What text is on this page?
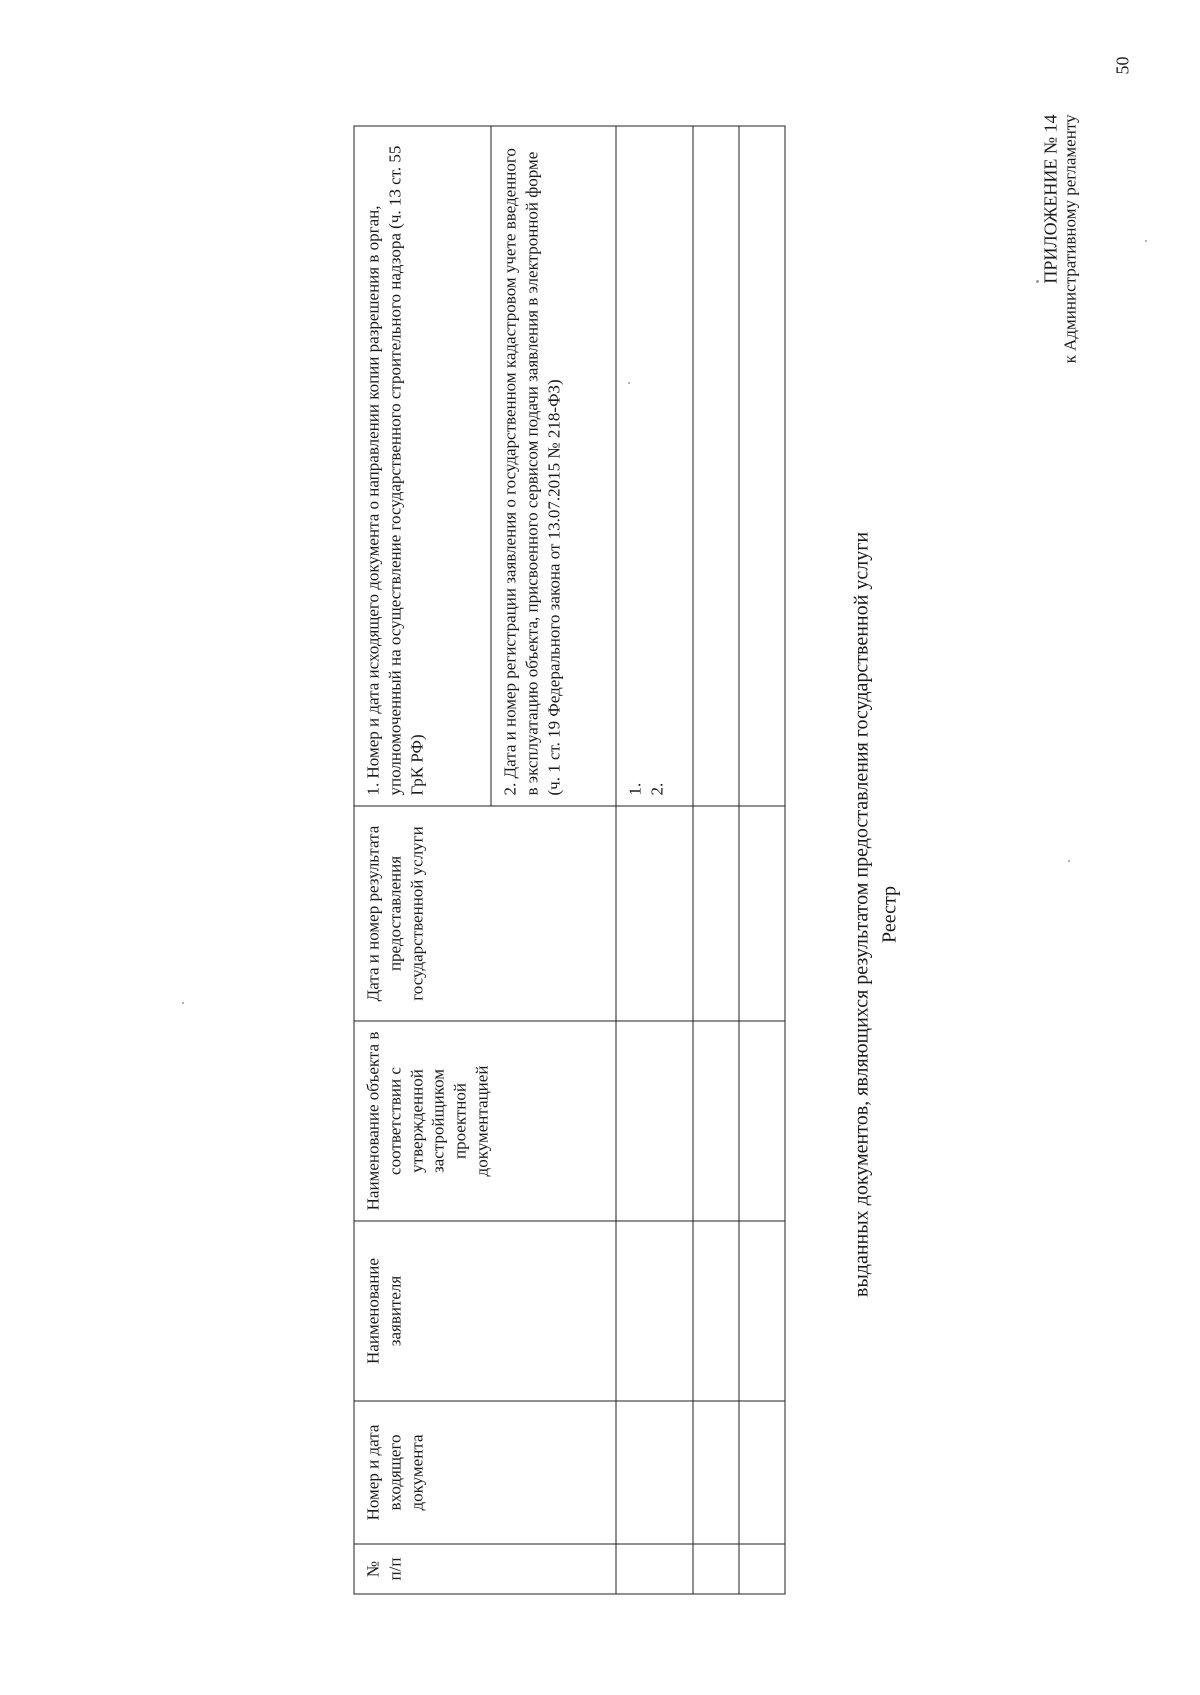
50
ПРИЛОЖЕНИЕ № 14 к Административному регламенту
Реестр
выданных документов, являющихся результатом предоставления государственной услуги
№ п/п	Номер и дата входящего документа	Наименование заявителя	Наименование объекта в соответствии с утвержденной застройщиком проектной документацией	Дата и номер результата предоставления государственной услуги	1. Номер и дата исходящего документа о направлении копии разрешения в орган, уполномоченный на осуществление государственного строительного надзора (ч. 13 ст. 55 ГрК РФ)
					2. Дата и номер регистрации заявления о государственном кадастровом учете введенного в эксплуатацию объекта, присвоенного сервисом подачи заявления в электронной форме (ч. 1 ст. 19 Федерального закона от 13.07.2015 № 218-ФЗ)

					1. 2.
